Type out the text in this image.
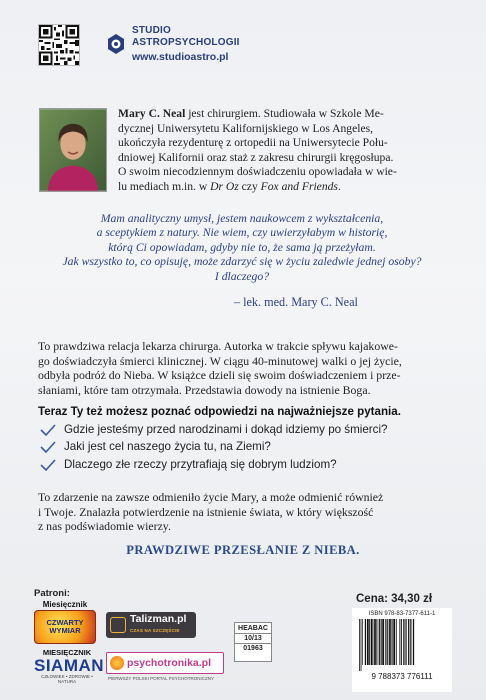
STUDIO
ASTROPSYCHOLOGII
www.studioastro.pl

Mary C. Neal jest chirurgiem. Studiowała w Szkole Me-

dycznej Uniwersytetu Kalifornijskiego w Los Angeles,

ukończyła rezydenturę z ortopedii na Uniwersytecie Połu-

dniowej Kalifornii oraz staż z zakresu chirurgii kręgosłupa.

O swoim niecodziennym doświadczeniu opowiadała w wie-

lu mediach m.in. w Dr Oz czy Fox and Friends.

Mam analityczny umysł, jestem naukowcem z wykształcenia,
a sceptykiem z natury. Nie wiem, czy uwierzyłabym w historię,
którą Ci opowiadam, gdyby nie to, że sama ją przeżyłam.
Jak wszystko to, co opisuję, może zdarzyć się w życiu zaledwie jednej osoby?
I dlaczego?
– lek. med. Mary C. Neal
To prawdziwa relacja lekarza chirurga. Autorka w trakcie spływu kajakowe-
go doświadczyła śmierci klinicznej. W ciągu 40-minutowej walki o jej życie,
odbyła podróż do Nieba. W książce dzieli się swoim doświadczeniem i prze-
słaniami, które tam otrzymała. Przedstawia dowody na istnienie Boga.
Teraz Ty też możesz poznać odpowiedzi na najważniejsze pytania.
Gdzie jesteśmy przed narodzinami i dokąd idziemy po śmierci?
Jaki jest cel naszego życia tu, na Ziemi?
Dlaczego złe rzeczy przytrafiają się dobrym ludziom?
To zdarzenie na zawsze odmieniło życie Mary, a może odmienić również
i Twoje. Znalazła potwierdzenie na istnienie świata, w który większość
z nas podświadomie wierzy.
PRAWDZIWE PRZESŁANIE Z NIEBA.
Patroni:
Miesięcznik
CZWARTY WYMIAR
MIESIĘCZNIK
SIAMAN
CZŁOWIEK • ZDROWIE • NATURA
Talizman.pl
CZAS NA SZCZĘŚCIE
psychotronika.pl
PIERWSZY POLSKI PORTAL PSYCHOTRONICZNY
HEABAC
10/13
01963
Cena: 34,30 zł
ISBN 978-83-7377-611-1
9 788373 776111
